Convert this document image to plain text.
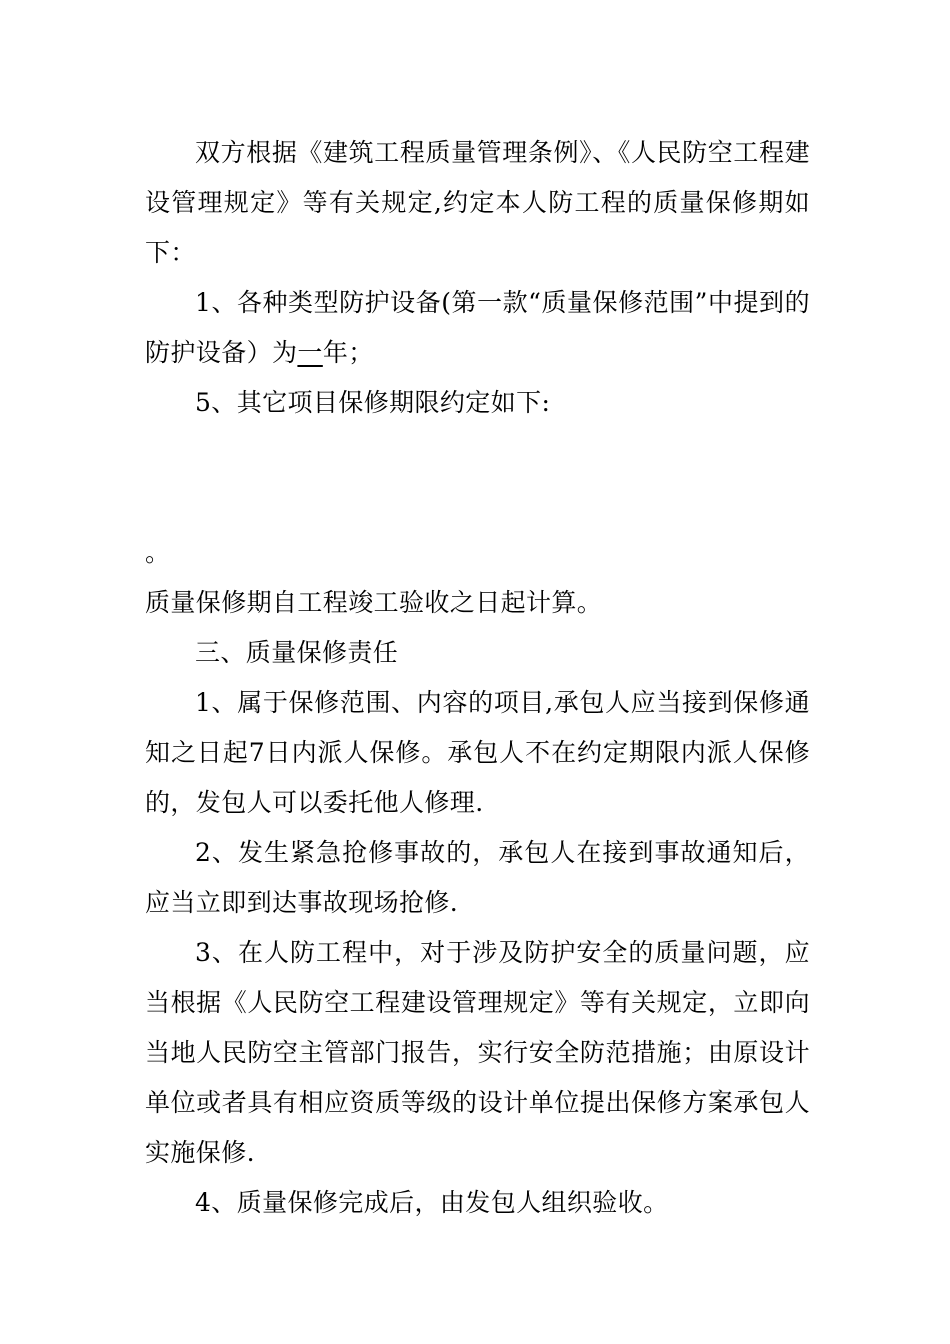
双方根据《建筑工程质量管理条例》、《人民防空工程建设管理规定》等有关规定,约定本人防工程的质量保修期如下：

1、各种类型防护设备(第一款“质量保修范围”中提到的防护设备）为一年；

5、其它项目保修期限约定如下:

。

质量保修期自工程竣工验收之日起计算。

三、质量保修责任

1、属于保修范围、内容的项目,承包人应当接到保修通知之日起7日内派人保修。承包人不在约定期限内派人保修的，发包人可以委托他人修理.

2、发生紧急抢修事故的，承包人在接到事故通知后，应当立即到达事故现场抢修.

3、在人防工程中，对于涉及防护安全的质量问题，应当根据《人民防空工程建设管理规定》等有关规定，立即向当地人民防空主管部门报告，实行安全防范措施；由原设计单位或者具有相应资质等级的设计单位提出保修方案承包人实施保修.

4、质量保修完成后，由发包人组织验收。
